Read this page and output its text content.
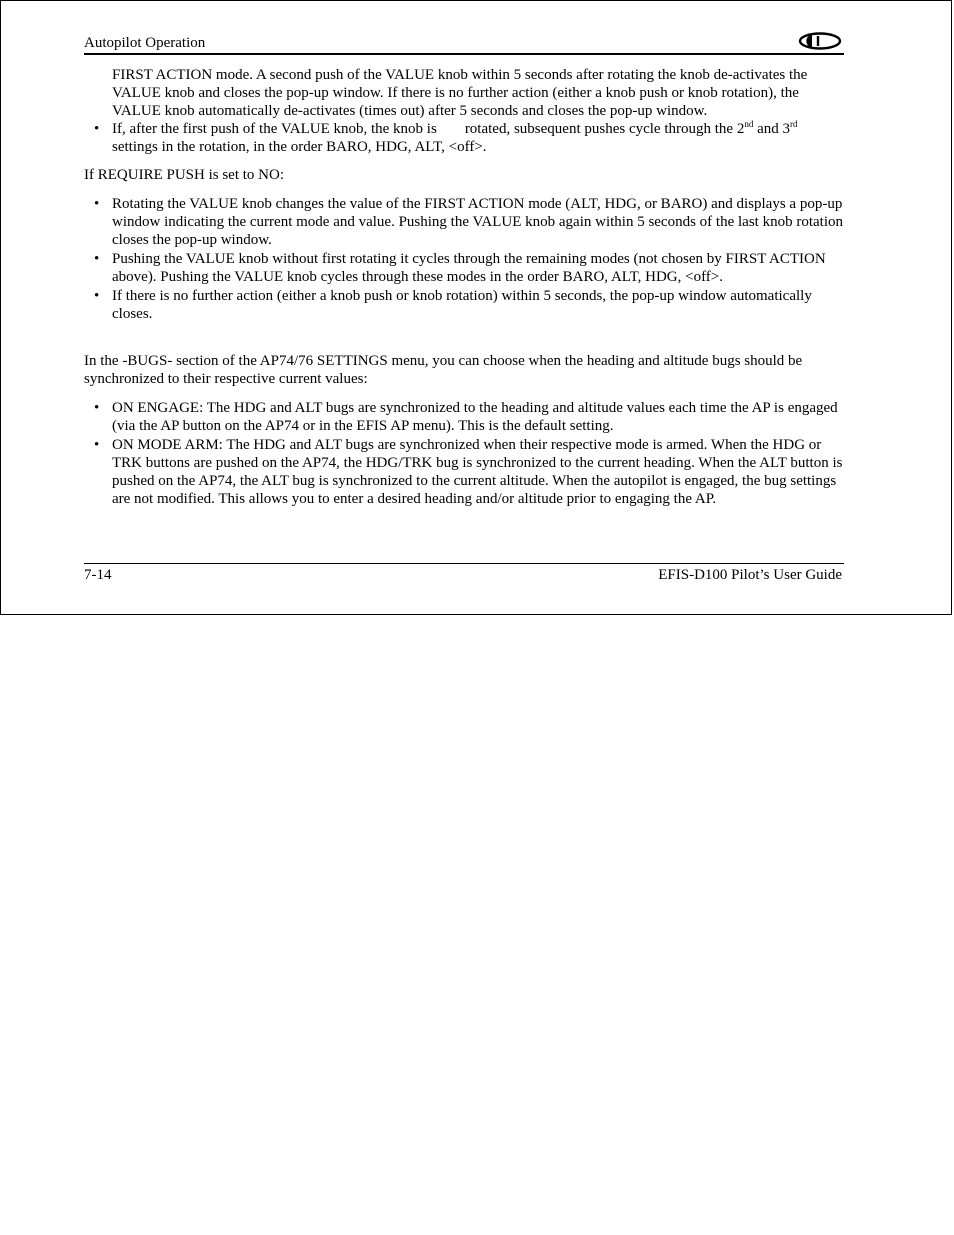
Autopilot Operation

FIRST ACTION mode. A second push of the VALUE knob within 5 seconds after rotating the knob de-activates the VALUE knob and closes the pop-up window. If there is no further action (either a knob push or knob rotation), the VALUE knob automatically de-activates (times out) after 5 seconds and closes the pop-up window.

• If, after the first push of the VALUE knob, the knob is rotated, subsequent pushes cycle through the 2nd and 3rd settings in the rotation, in the order BARO, HDG, ALT, <off>.

If REQUIRE PUSH is set to NO:

• Rotating the VALUE knob changes the value of the FIRST ACTION mode (ALT, HDG, or BARO) and displays a pop-up window indicating the current mode and value. Pushing the VALUE knob again within 5 seconds of the last knob rotation closes the pop-up window.
• Pushing the VALUE knob without first rotating it cycles through the remaining modes (not chosen by FIRST ACTION above). Pushing the VALUE knob cycles through these modes in the order BARO, ALT, HDG, <off>.
• If there is no further action (either a knob push or knob rotation) within 5 seconds, the pop-up window automatically closes.

In the -BUGS- section of the AP74/76 SETTINGS menu, you can choose when the heading and altitude bugs should be synchronized to their respective current values:

• ON ENGAGE: The HDG and ALT bugs are synchronized to the heading and altitude values each time the AP is engaged (via the AP button on the AP74 or in the EFIS AP menu). This is the default setting.
• ON MODE ARM: The HDG and ALT bugs are synchronized when their respective mode is armed. When the HDG or TRK buttons are pushed on the AP74, the HDG/TRK bug is synchronized to the current heading. When the ALT button is pushed on the AP74, the ALT bug is synchronized to the current altitude. When the autopilot is engaged, the bug settings are not modified. This allows you to enter a desired heading and/or altitude prior to engaging the AP.
7-14	EFIS-D100 Pilot’s User Guide
